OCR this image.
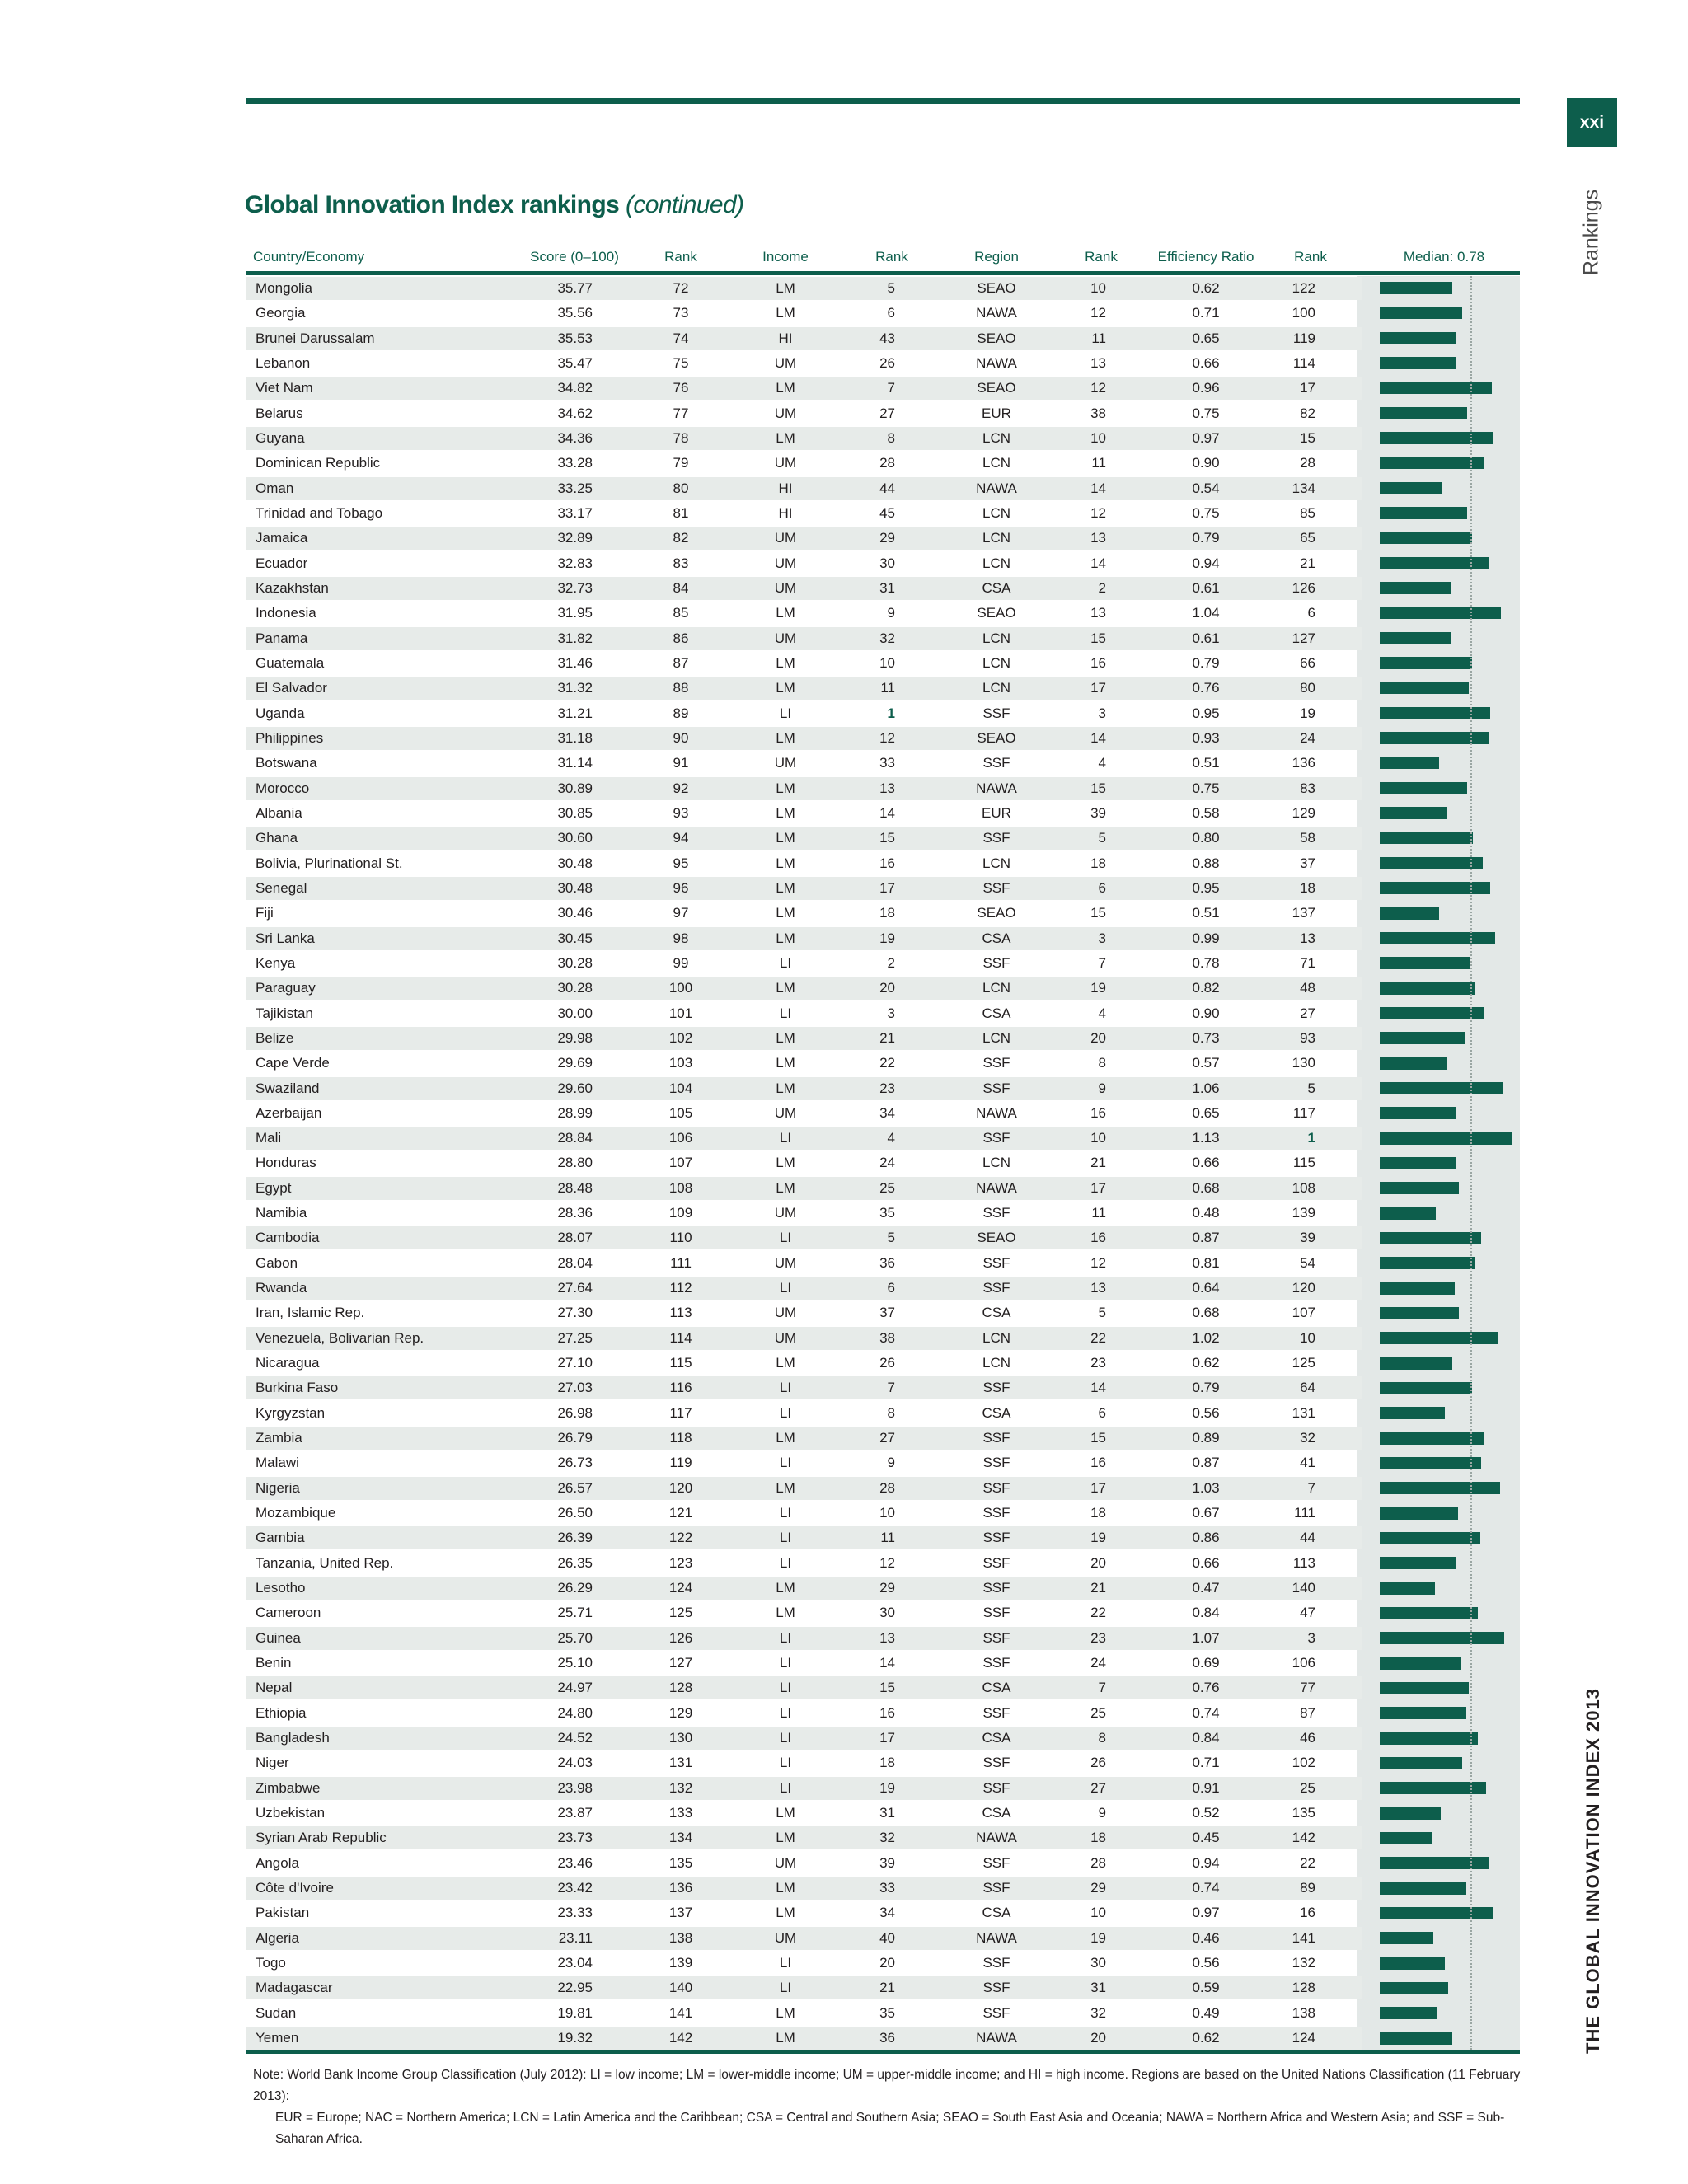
xxi
Rankings
THE GLOBAL INNOVATION INDEX 2013
Global Innovation Index rankings (continued)
Country/Economy	Score (0–100)	Rank	Income	Rank	Region	Rank	Efficiency Ratio	Rank	Median: 0.78
Mongolia	35.77	72	LM	5	SEAO	10	0.62	122
Georgia	35.56	73	LM	6	NAWA	12	0.71	100
Brunei Darussalam	35.53	74	HI	43	SEAO	11	0.65	119
Lebanon	35.47	75	UM	26	NAWA	13	0.66	114
Viet Nam	34.82	76	LM	7	SEAO	12	0.96	17
Belarus	34.62	77	UM	27	EUR	38	0.75	82
Guyana	34.36	78	LM	8	LCN	10	0.97	15
Dominican Republic	33.28	79	UM	28	LCN	11	0.90	28
Oman	33.25	80	HI	44	NAWA	14	0.54	134
Trinidad and Tobago	33.17	81	HI	45	LCN	12	0.75	85
Jamaica	32.89	82	UM	29	LCN	13	0.79	65
Ecuador	32.83	83	UM	30	LCN	14	0.94	21
Kazakhstan	32.73	84	UM	31	CSA	2	0.61	126
Indonesia	31.95	85	LM	9	SEAO	13	1.04	6
Panama	31.82	86	UM	32	LCN	15	0.61	127
Guatemala	31.46	87	LM	10	LCN	16	0.79	66
El Salvador	31.32	88	LM	11	LCN	17	0.76	80
Uganda	31.21	89	LI	1	SSF	3	0.95	19
Philippines	31.18	90	LM	12	SEAO	14	0.93	24
Botswana	31.14	91	UM	33	SSF	4	0.51	136
Morocco	30.89	92	LM	13	NAWA	15	0.75	83
Albania	30.85	93	LM	14	EUR	39	0.58	129
Ghana	30.60	94	LM	15	SSF	5	0.80	58
Bolivia, Plurinational St.	30.48	95	LM	16	LCN	18	0.88	37
Senegal	30.48	96	LM	17	SSF	6	0.95	18
Fiji	30.46	97	LM	18	SEAO	15	0.51	137
Sri Lanka	30.45	98	LM	19	CSA	3	0.99	13
Kenya	30.28	99	LI	2	SSF	7	0.78	71
Paraguay	30.28	100	LM	20	LCN	19	0.82	48
Tajikistan	30.00	101	LI	3	CSA	4	0.90	27
Belize	29.98	102	LM	21	LCN	20	0.73	93
Cape Verde	29.69	103	LM	22	SSF	8	0.57	130
Swaziland	29.60	104	LM	23	SSF	9	1.06	5
Azerbaijan	28.99	105	UM	34	NAWA	16	0.65	117
Mali	28.84	106	LI	4	SSF	10	1.13	1
Honduras	28.80	107	LM	24	LCN	21	0.66	115
Egypt	28.48	108	LM	25	NAWA	17	0.68	108
Namibia	28.36	109	UM	35	SSF	11	0.48	139
Cambodia	28.07	110	LI	5	SEAO	16	0.87	39
Gabon	28.04	111	UM	36	SSF	12	0.81	54
Rwanda	27.64	112	LI	6	SSF	13	0.64	120
Iran, Islamic Rep.	27.30	113	UM	37	CSA	5	0.68	107
Venezuela, Bolivarian Rep.	27.25	114	UM	38	LCN	22	1.02	10
Nicaragua	27.10	115	LM	26	LCN	23	0.62	125
Burkina Faso	27.03	116	LI	7	SSF	14	0.79	64
Kyrgyzstan	26.98	117	LI	8	CSA	6	0.56	131
Zambia	26.79	118	LM	27	SSF	15	0.89	32
Malawi	26.73	119	LI	9	SSF	16	0.87	41
Nigeria	26.57	120	LM	28	SSF	17	1.03	7
Mozambique	26.50	121	LI	10	SSF	18	0.67	111
Gambia	26.39	122	LI	11	SSF	19	0.86	44
Tanzania, United Rep.	26.35	123	LI	12	SSF	20	0.66	113
Lesotho	26.29	124	LM	29	SSF	21	0.47	140
Cameroon	25.71	125	LM	30	SSF	22	0.84	47
Guinea	25.70	126	LI	13	SSF	23	1.07	3
Benin	25.10	127	LI	14	SSF	24	0.69	106
Nepal	24.97	128	LI	15	CSA	7	0.76	77
Ethiopia	24.80	129	LI	16	SSF	25	0.74	87
Bangladesh	24.52	130	LI	17	CSA	8	0.84	46
Niger	24.03	131	LI	18	SSF	26	0.71	102
Zimbabwe	23.98	132	LI	19	SSF	27	0.91	25
Uzbekistan	23.87	133	LM	31	CSA	9	0.52	135
Syrian Arab Republic	23.73	134	LM	32	NAWA	18	0.45	142
Angola	23.46	135	UM	39	SSF	28	0.94	22
Côte d'Ivoire	23.42	136	LM	33	SSF	29	0.74	89
Pakistan	23.33	137	LM	34	CSA	10	0.97	16
Algeria	23.11	138	UM	40	NAWA	19	0.46	141
Togo	23.04	139	LI	20	SSF	30	0.56	132
Madagascar	22.95	140	LI	21	SSF	31	0.59	128
Sudan	19.81	141	LM	35	SSF	32	0.49	138
Yemen	19.32	142	LM	36	NAWA	20	0.62	124
Note: World Bank Income Group Classification (July 2012): LI = low income; LM = lower-middle income; UM = upper-middle income; and HI = high income. Regions are based on the United Nations Classification (11 February 2013):
EUR = Europe; NAC = Northern America; LCN = Latin America and the Caribbean; CSA = Central and Southern Asia; SEAO = South East Asia and Oceania; NAWA = Northern Africa and Western Asia; and SSF = Sub-Saharan Africa.
